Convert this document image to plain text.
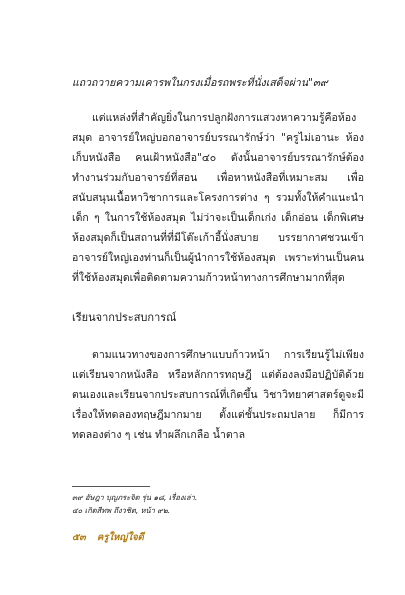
แถวถวายความเคารพในกรงเมื่อรถพระที่นั่งเสด็จผ่าน"๓๙
แต่แหล่งที่สำคัญยิ่งในการปลูกฝังการแสวงหาความรู้คือห้องสมุด อาจารย์ใหญ่บอกอาจารย์บรรณารักษ์ว่า "ครูไม่เอานะ ห้องเก็บหนังสือ คนเฝ้าหนังสือ"๔๐ ดังนั้นอาจารย์บรรณารักษ์ต้องทำงานร่วมกับอาจารย์ที่สอน เพื่อหาหนังสือที่เหมาะสม เพื่อสนับสนุนเนื้อหาวิชาการและโครงการต่าง ๆ รวมทั้งให้คำแนะนำเด็ก ๆ ในการใช้ห้องสมุด ไม่ว่าจะเป็นเด็กเก่ง เด็กอ่อน เด็กพิเศษ ห้องสมุดก็เป็นสถานที่ที่มีโต๊ะเก้าอี้นั่งสบาย บรรยากาศชวนเข้า อาจารย์ใหญ่เองท่านก็เป็นผู้นำการใช้ห้องสมุด เพราะท่านเป็นคนที่ใช้ห้องสมุดเพื่อติดตามความก้าวหน้าทางการศึกษามากที่สุด
เรียนจากประสบการณ์
ตามแนวทางของการศึกษาแบบก้าวหน้า การเรียนรู้ไม่เพียงแต่เรียนจากหนังสือ หรือหลักการทฤษฎี แต่ต้องลงมือปฏิบัติด้วยตนเองและเรียนจากประสบการณ์ที่เกิดขึ้น วิชาวิทยาศาสตร์ดูจะมีเรื่องให้ทดลองทฤษฎีมากมาย ตั้งแต่ชั้นประถมปลาย ก็มีการทดลองต่าง ๆ เช่น ทำผลึกเกลือ น้ำตาล
๓๙ อัษฎา บุญภระจิต รุ่น ๑๘, เรื่องเล่า.
๔๐ เกิดสีทพ ถึงวชิต, หน้า ๙๒.
๕๓ ครูใหญ่ใจดี
